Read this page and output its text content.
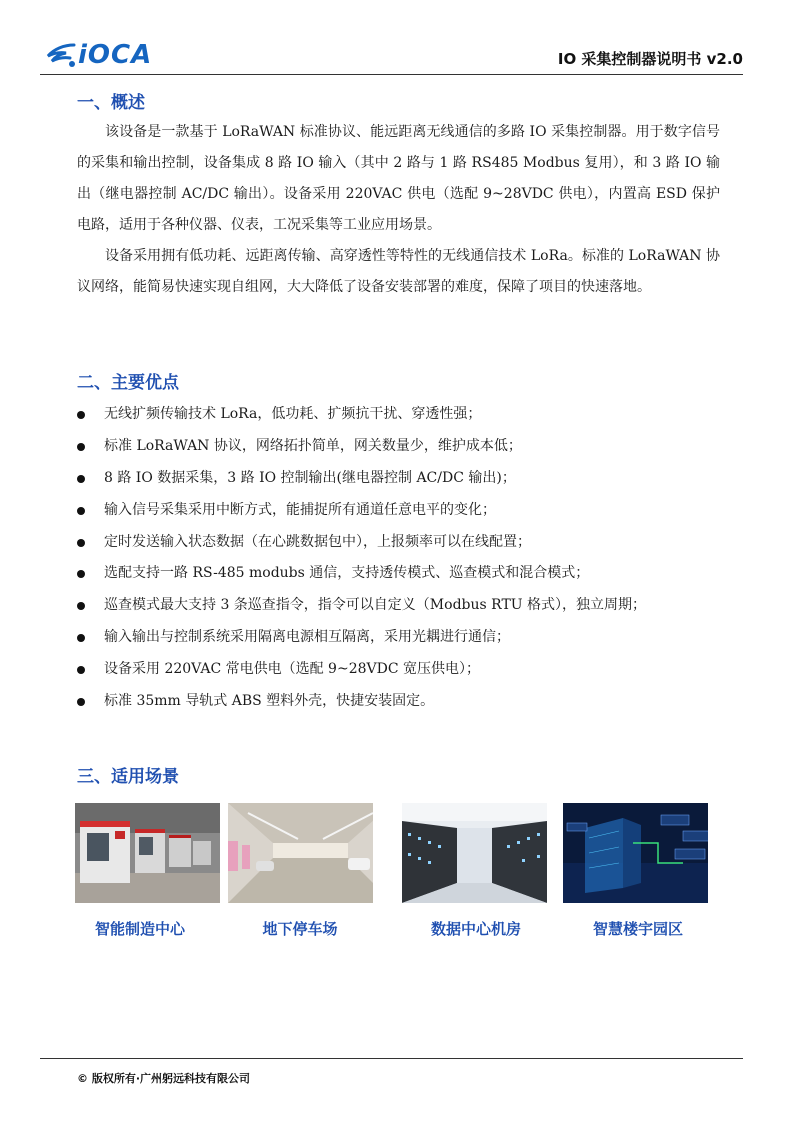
iOCA	IO 采集控制器说明书 v2.0
一、概述

该设备是一款基于 LoRaWAN 标准协议、能远距离无线通信的多路 IO 采集控制器。用于数字信号的采集和输出控制，设备集成 8 路 IO 输入（其中 2 路与 1 路 RS485 Modbus 复用），和 3 路 IO 输出（继电器控制 AC/DC 输出）。设备采用 220VAC 供电（选配 9~28VDC 供电），内置高 ESD 保护电路，适用于各种仪器、仪表，工况采集等工业应用场景。

设备采用拥有低功耗、远距离传输、高穿透性等特性的无线通信技术 LoRa。标准的 LoRaWAN 协议网络，能简易快速实现自组网，大大降低了设备安装部署的难度，保障了项目的快速落地。

二、主要优点
无线扩频传输技术 LoRa，低功耗、扩频抗干扰、穿透性强；
标准 LoRaWAN 协议，网络拓扑简单，网关数量少，维护成本低；
8 路 IO 数据采集，3 路 IO 控制输出(继电器控制 AC/DC 输出)；
输入信号采集采用中断方式，能捕捉所有通道任意电平的变化；
定时发送输入状态数据（在心跳数据包中），上报频率可以在线配置；
选配支持一路 RS-485 modubs 通信，支持透传模式、巡查模式和混合模式；
巡查模式最大支持 3 条巡查指令，指令可以自定义（Modbus RTU 格式），独立周期；
输入输出与控制系统采用隔离电源相互隔离，采用光耦进行通信；
设备采用 220VAC 常电供电（选配 9~28VDC 宽压供电）；
标准 35mm 导轨式 ABS 塑料外壳，快捷安装固定。
三、适用场景
智能制造中心	地下停车场	数据中心机房	智慧楼宇园区
© 版权所有·广州躬远科技有限公司
